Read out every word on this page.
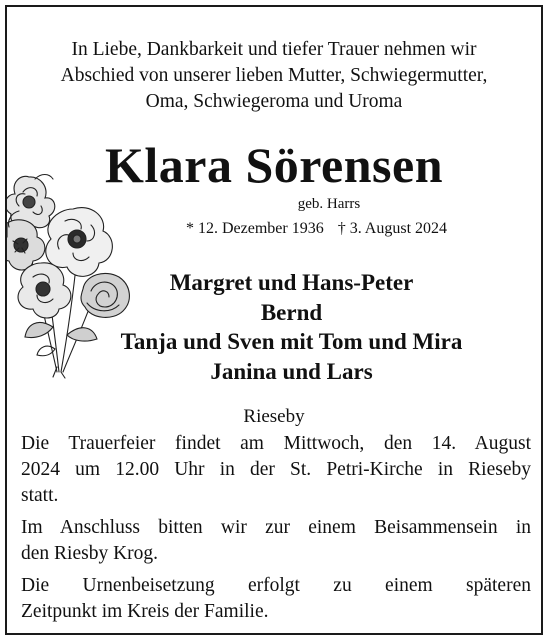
In Liebe, Dankbarkeit und tiefer Trauer nehmen wir
Abschied von unserer lieben Mutter, Schwiegermutter,
Oma, Schwiegeroma und Uroma
Klara Sörensen
geb. Harrs
* 12. Dezember 1936 † 3. August 2024
Margret und Hans-Peter
Bernd
Tanja und Sven mit Tom und Mira
Janina und Lars
Rieseby
Die Trauerfeier findet am Mittwoch, den 14. August
2024 um 12.00 Uhr in der St. Petri-Kirche in Rieseby
statt.
Im Anschluss bitten wir zur einem Beisammensein in
den Riesby Krog.
Die Urnenbeisetzung erfolgt zu einem späteren
Zeitpunkt im Kreis der Familie.
